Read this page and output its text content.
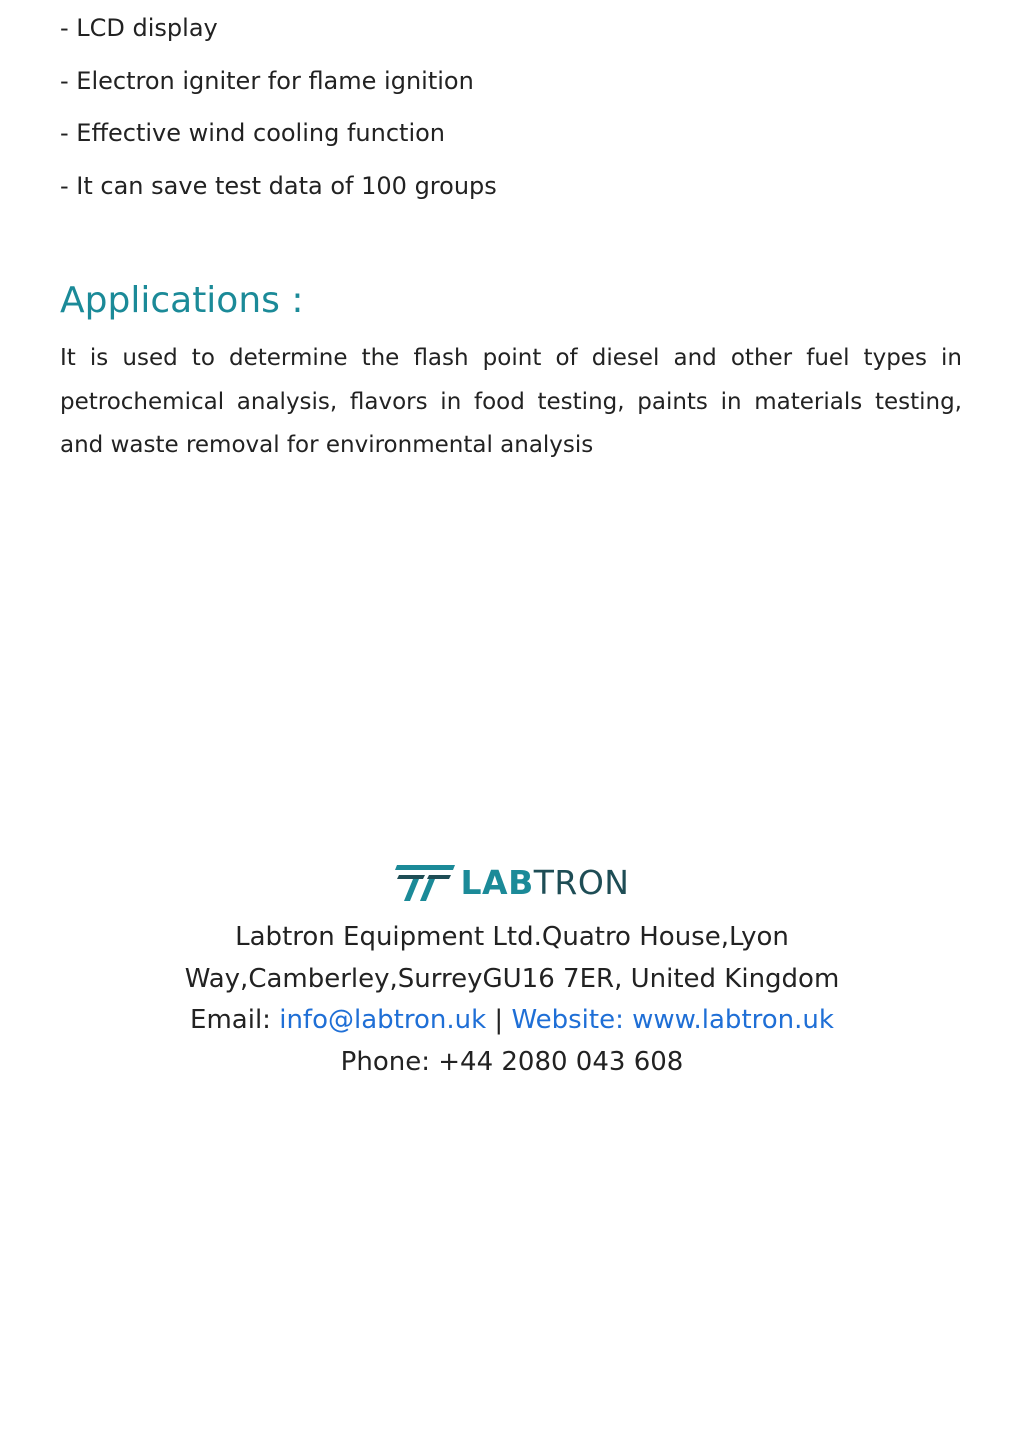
- LCD display
- Electron igniter for flame ignition
- Effective wind cooling function
- It can save test data of 100 groups
Applications :

It is used to determine the flash point of diesel and other fuel types in petrochemical analysis, flavors in food testing, paints in materials testing, and waste removal for environmental analysis

LABTRON

Labtron Equipment Ltd.Quatro House,Lyon
Way,Camberley,SurreyGU16 7ER, United Kingdom
Email: info@labtron.uk | Website: www.labtron.uk
Phone: +44 2080 043 608
